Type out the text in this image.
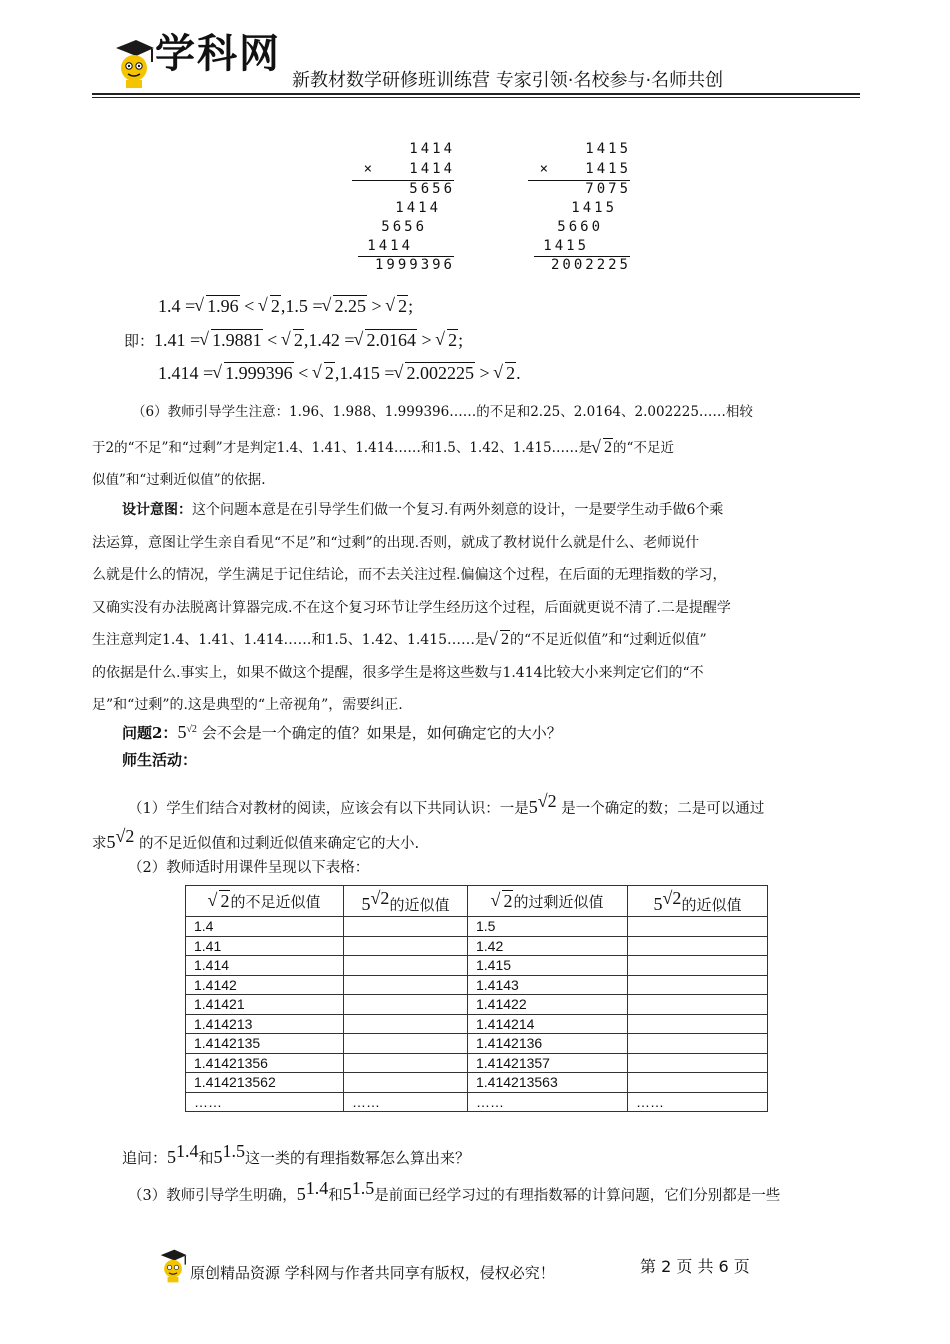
学科网
新教材数学研修班训练营 专家引领·名校参与·名师共创
1414
×   1414
5656
1414
5656
1414
1999396
1415
×   1415
7075
1415
5660
1415
2002225
1.4 = √ 1.96 < √ 2,1.5 = √ 2.25 > √ 2;
即：1.41 = √ 1.9881 < √ 2,1.42 = √ 2.0164 > √ 2;
1.414 = √ 1.999396 < √ 2,1.415 = √ 2.002225 > √ 2.
（6）教师引导学生注意：1.96、1.988、1.999396……的不足和2.25、2.0164、2.002225……相较
于2的“不足”和“过剩”才是判定1.4、1.41、1.414……和1.5、1.42、1.415……是 √ 2的“不足近
似值”和“过剩近似值”的依据.
设计意图：这个问题本意是在引导学生们做一个复习.有两外刻意的设计，一是要学生动手做6个乘
法运算，意图让学生亲自看见“不足”和“过剩”的出现.否则，就成了教材说什么就是什么、老师说什
么就是什么的情况，学生满足于记住结论，而不去关注过程.偏偏这个过程，在后面的无理指数的学习，
又确实没有办法脱离计算器完成.不在这个复习环节让学生经历这个过程，后面就更说不清了.二是提醒学
生注意判定1.4、1.41、1.414……和1.5、1.42、1.415……是 √ 2的“不足近似值”和“过剩近似值”
的依据是什么.事实上，如果不做这个提醒，很多学生是将这些数与1.414比较大小来判定它们的“不
足”和“过剩”的.这是典型的“上帝视角”，需要纠正.
问题2：$5^{√2}$ 会不会是一个确定的值？如果是，如何确定它的大小？
师生活动：
（1）学生们结合对教材的阅读，应该会有以下共同认识：一是$5^{√2}$ 是一个确定的数；二是可以通过
求$5^{√2}$ 的不足近似值和过剩近似值来确定它的大小.
（2）教师适时用课件呈现以下表格：
√ 2的不足近似值	$5^{√2}$的近似值	√ 2的过剩近似值	$5^{√2}$的近似值
1.4		1.5	
1.41		1.42	
1.414		1.415	
1.4142		1.4143	
1.41421		1.41422	
1.414213		1.414214	
1.4142135		1.4142136	
1.41421356		1.41421357	
1.414213562		1.414213563	
……	……	……	……
追问：$5^{1.4}$和$5^{1.5}$这一类的有理指数幂怎么算出来？
（3）教师引导学生明确，$5^{1.4}$和$5^{1.5}$是前面已经学习过的有理指数幂的计算问题，它们分别都是一些
原创精品资源 学科网与作者共同享有版权，侵权必究！	第 2 页 共 6 页
